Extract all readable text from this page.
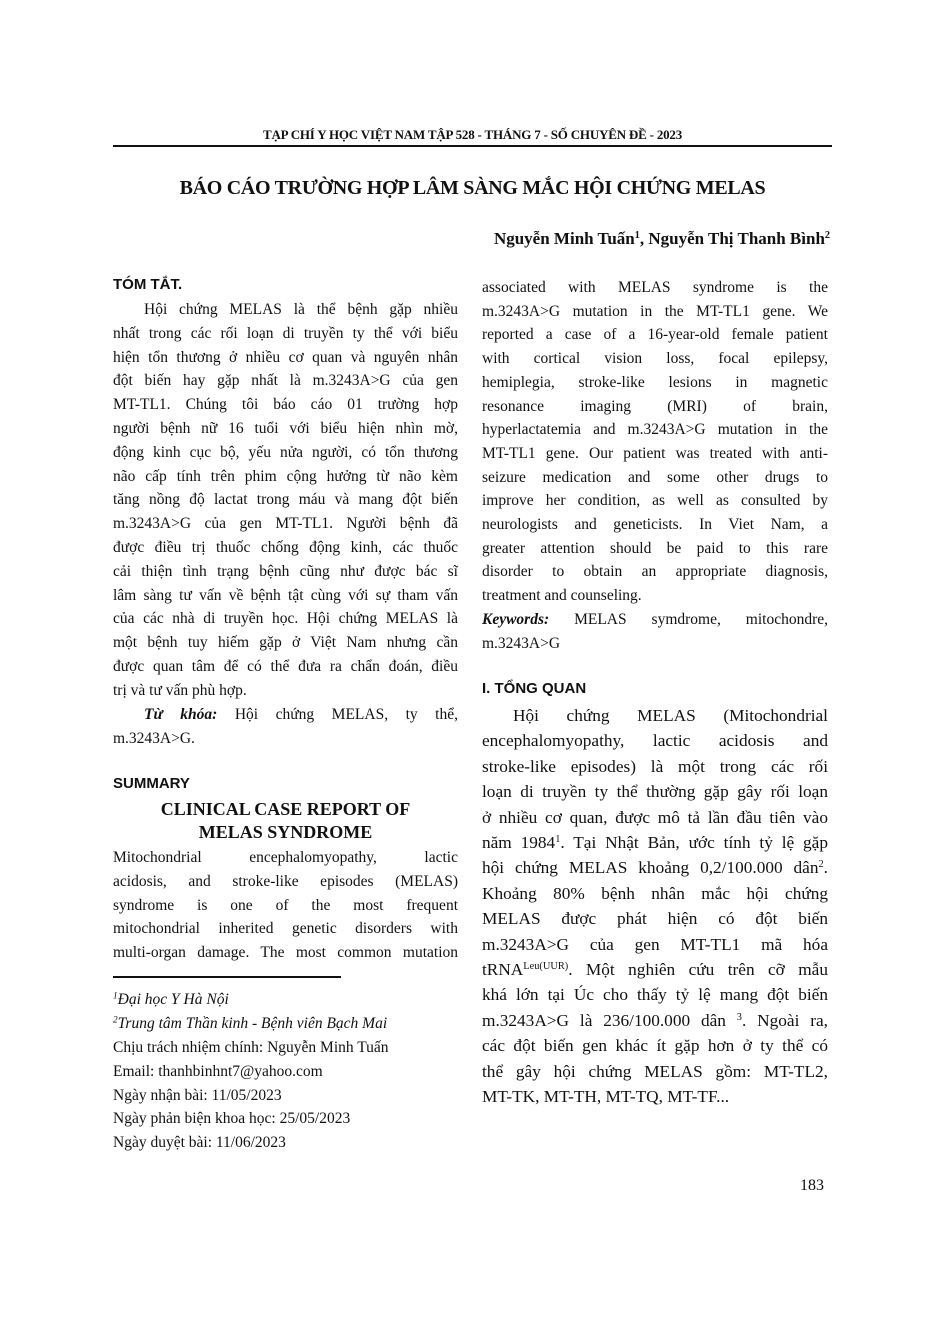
TẠP CHÍ Y HỌC VIỆT NAM TẬP 528 - THÁNG 7 - SỐ CHUYÊN ĐỀ - 2023
BÁO CÁO TRƯỜNG HỢP LÂM SÀNG MẮC HỘI CHỨNG MELAS
Nguyễn Minh Tuấn$^1$, Nguyễn Thị Thanh Bình$^2$
TÓM TẮT.
Hội chứng MELAS là thể bệnh gặp nhiều
nhất trong các rối loạn di truyền ty thể với biểu
hiện tổn thương ở nhiều cơ quan và nguyên nhân
đột biến hay gặp nhất là m.3243A>G của gen
MT-TL1. Chúng tôi báo cáo 01 trường hợp
người bệnh nữ 16 tuổi với biểu hiện nhìn mờ,
động kinh cục bộ, yếu nửa người, có tổn thương
não cấp tính trên phim cộng hưởng từ não kèm
tăng nồng độ lactat trong máu và mang đột biến
m.3243A>G của gen MT-TL1. Người bệnh đã
được điều trị thuốc chống động kinh, các thuốc
cải thiện tình trạng bệnh cũng như được bác sĩ
lâm sàng tư vấn về bệnh tật cùng với sự tham vấn
của các nhà di truyền học. Hội chứng MELAS là
một bệnh tuy hiếm gặp ở Việt Nam nhưng cần
được quan tâm để có thể đưa ra chẩn đoán, điều
trị và tư vấn phù hợp.
Từ khóa: Hội chứng MELAS, ty thể,
m.3243A>G.
SUMMARY
CLINICAL CASE REPORT OF
MELAS SYNDROME
Mitochondrial encephalomyopathy, lactic
acidosis, and stroke-like episodes (MELAS)
syndrome is one of the most frequent
mitochondrial inherited genetic disorders with
multi-organ damage. The most common mutation
$^1$Đại học Y Hà Nội
$^2$Trung tâm Thần kinh - Bệnh viên Bạch Mai
Chịu trách nhiệm chính: Nguyễn Minh Tuấn
Email: thanhbinhnt7@yahoo.com
Ngày nhận bài: 11/05/2023
Ngày phản biện khoa học: 25/05/2023
Ngày duyệt bài: 11/06/2023
associated with MELAS syndrome is the
m.3243A>G mutation in the MT-TL1 gene. We
reported a case of a 16-year-old female patient
with cortical vision loss, focal epilepsy,
hemiplegia, stroke-like lesions in magnetic
resonance imaging (MRI) of brain,
hyperlactatemia and m.3243A>G mutation in the
MT-TL1 gene. Our patient was treated with anti-
seizure medication and some other drugs to
improve her condition, as well as consulted by
neurologists and geneticists. In Viet Nam, a
greater attention should be paid to this rare
disorder to obtain an appropriate diagnosis,
treatment and counseling.
Keywords: MELAS symdrome, mitochondre,
m.3243A>G
I. TỔNG QUAN
Hội chứng MELAS (Mitochondrial
encephalomyopathy, lactic acidosis and
stroke-like episodes) là một trong các rối
loạn di truyền ty thể thường gặp gây rối loạn
ở nhiều cơ quan, được mô tả lần đầu tiên vào
năm 1984$^1$. Tại Nhật Bản, ước tính tỷ lệ gặp
hội chứng MELAS khoảng 0,2/100.000 dân$^2$.
Khoảng 80% bệnh nhân mắc hội chứng
MELAS được phát hiện có đột biến
m.3243A>G của gen MT-TL1 mã hóa
tRNA$^{Leu(UUR)}$. Một nghiên cứu trên cỡ mẫu
khá lớn tại Úc cho thấy tỷ lệ mang đột biến
m.3243A>G là 236/100.000 dân $^3$. Ngoài ra,
các đột biến gen khác ít gặp hơn ở ty thể có
thể gây hội chứng MELAS gồm: MT-TL2,
MT-TK, MT-TH, MT-TQ, MT-TF...
183
